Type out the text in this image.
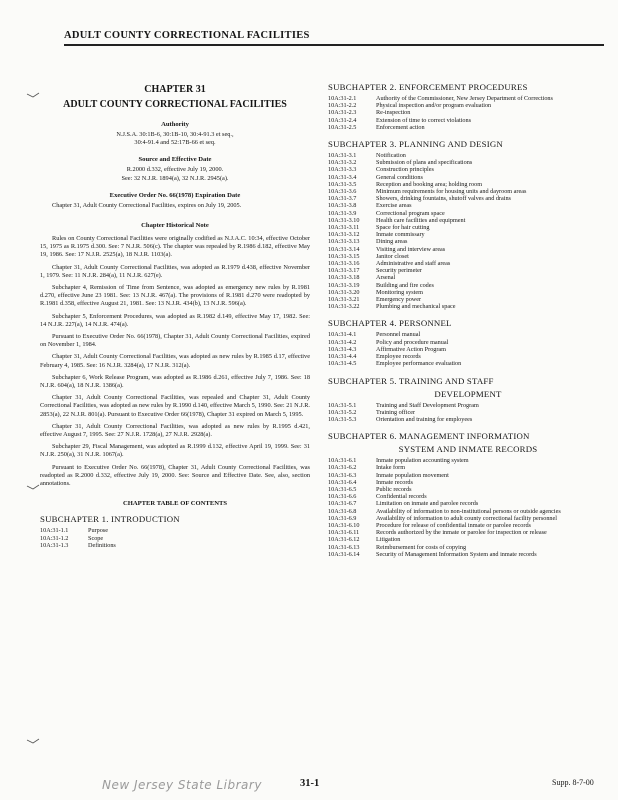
ADULT COUNTY CORRECTIONAL FACILITIES
CHAPTER 31
ADULT COUNTY CORRECTIONAL FACILITIES
Authority
N.J.S.A. 30:1B-6, 30:1B-10, 30:4-91.3 et seq.,
30:4-91.4 and 52:17B-66 et seq.
Source and Effective Date
R.2000 d.332, effective July 19, 2000.
See: 32 N.J.R. 1894(a), 32 N.J.R. 2945(a).
Executive Order No. 66(1978) Expiration Date
Chapter 31, Adult County Correctional Facilities, expires on July 19, 2005.
Chapter Historical Note
Rules on County Correctional Facilities were originally codified as N.J.A.C. 10:34, effective October 15, 1975 as R.1975 d.300. See: 7 N.J.R. 506(c). The chapter was repealed by R.1986 d.182, effective May 19, 1986. See: 17 N.J.R. 2525(a), 18 N.J.R. 1103(a).
Chapter 31, Adult County Correctional Facilities, was adopted as R.1979 d.438, effective November 1, 1979. See: 11 N.J.R. 284(a), 11 N.J.R. 627(e).
Subchapter 4, Remission of Time from Sentence, was adopted as emergency new rules by R.1981 d.270, effective June 23 1981. See: 13 N.J.R. 467(a). The provisions of R.1981 d.270 were readopted by R.1981 d.358, effective August 21, 1981. See: 13 N.J.R. 434(b), 13 N.J.R. 596(a).
Subchapter 5, Enforcement Procedures, was adopted as R.1982 d.149, effective May 17, 1982. See: 14 N.J.R. 227(a), 14 N.J.R. 474(a).
Pursuant to Executive Order No. 66(1978), Chapter 31, Adult County Correctional Facilities, expired on November 1, 1984.
Chapter 31, Adult County Correctional Facilities, was adopted as new rules by R.1985 d.17, effective February 4, 1985. See: 16 N.J.R. 3284(a), 17 N.J.R. 312(a).
Subchapter 6, Work Release Program, was adopted as R.1986 d.261, effective July 7, 1986. See: 18 N.J.R. 604(a), 18 N.J.R. 1386(a).
Chapter 31, Adult County Correctional Facilities, was repealed and Chapter 31, Adult County Correctional Facilities, was adopted as new rules by R.1990 d.140, effective March 5, 1990. See: 21 N.J.R. 2853(a), 22 N.J.R. 801(a). Pursuant to Executive Order 66(1978), Chapter 31 expired on March 5, 1995.
Chapter 31, Adult County Correctional Facilities, was adopted as new rules by R.1995 d.421, effective August 7, 1995. See: 27 N.J.R. 1728(a), 27 N.J.R. 2928(a).
Subchapter 29, Fiscal Management, was adopted as R.1999 d.132, effective April 19, 1999. See: 31 N.J.R. 250(a), 31 N.J.R. 1067(a).
Pursuant to Executive Order No. 66(1978), Chapter 31, Adult County Correctional Facilities, was readopted as R.2000 d.332, effective July 19, 2000. See: Source and Effective Date. See, also, section annotations.
CHAPTER TABLE OF CONTENTS
SUBCHAPTER 1. INTRODUCTION
10A:31-1.1	Purpose
10A:31-1.2	Scope
10A:31-1.3	Definitions
SUBCHAPTER 2. ENFORCEMENT PROCEDURES
10A:31-2.1	Authority of the Commissioner, New Jersey Department of Corrections
10A:31-2.2	Physical inspection and/or program evaluation
10A:31-2.3	Re-inspection
10A:31-2.4	Extension of time to correct violations
10A:31-2.5	Enforcement action
SUBCHAPTER 3. PLANNING AND DESIGN
10A:31-3.1	Notification
10A:31-3.2	Submission of plans and specifications
10A:31-3.3	Construction principles
10A:31-3.4	General conditions
10A:31-3.5	Reception and booking area; holding room
10A:31-3.6	Minimum requirements for housing units and dayroom areas
10A:31-3.7	Showers, drinking fountains, shutoff valves and drains
10A:31-3.8	Exercise areas
10A:31-3.9	Correctional program space
10A:31-3.10	Health care facilities and equipment
10A:31-3.11	Space for hair cutting
10A:31-3.12	Inmate commissary
10A:31-3.13	Dining areas
10A:31-3.14	Visiting and interview areas
10A:31-3.15	Janitor closet
10A:31-3.16	Administrative and staff areas
10A:31-3.17	Security perimeter
10A:31-3.18	Arsenal
10A:31-3.19	Building and fire codes
10A:31-3.20	Monitoring system
10A:31-3.21	Emergency power
10A:31-3.22	Plumbing and mechanical space
SUBCHAPTER 4. PERSONNEL
10A:31-4.1	Personnel manual
10A:31-4.2	Policy and procedure manual
10A:31-4.3	Affirmative Action Program
10A:31-4.4	Employee records
10A:31-4.5	Employee performance evaluation
SUBCHAPTER 5. TRAINING AND STAFF
DEVELOPMENT
10A:31-5.1	Training and Staff Development Program
10A:31-5.2	Training officer
10A:31-5.3	Orientation and training for employees
SUBCHAPTER 6. MANAGEMENT INFORMATION
SYSTEM AND INMATE RECORDS
10A:31-6.1	Inmate population accounting system
10A:31-6.2	Intake form
10A:31-6.3	Inmate population movement
10A:31-6.4	Inmate records
10A:31-6.5	Public records
10A:31-6.6	Confidential records
10A:31-6.7	Limitation on inmate and parolee records
10A:31-6.8	Availability of information to non-institutional persons or outside agencies
10A:31-6.9	Availability of information to adult county correctional facility personnel
10A:31-6.10	Procedure for release of confidential inmate or parolee records
10A:31-6.11	Records authorized by the inmate or parolee for inspection or release
10A:31-6.12	Litigation
10A:31-6.13	Reimbursement for costs of copying
10A:31-6.14	Security of Management Information System and inmate records
New Jersey State Library	31-1	Supp. 8-7-00
